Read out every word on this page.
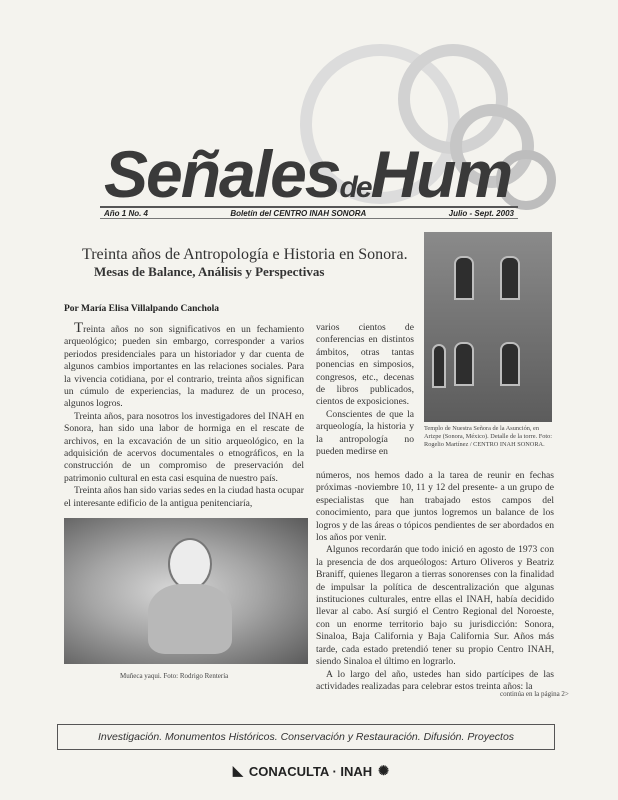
SeñalesdeHum
Año 1 No. 4	Boletín del CENTRO INAH SONORA	Julio - Sept. 2003
Treinta años de Antropología e Historia en Sonora.
Mesas de Balance, Análisis y Perspectivas
Por María Elisa Villalpando Canchola

Treinta años no son significativos en un fechamiento arqueológico; pueden sin embargo, corresponder a varios periodos presidenciales para un historiador y dar cuenta de algunos cambios importantes en las relaciones sociales. Para la vivencia cotidiana, por el contrario, treinta años significan un cúmulo de experiencias, la madurez de un proceso, algunos logros.

Treinta años, para nosotros los investigadores del INAH en Sonora, han sido una labor de hormiga en el rescate de archivos, en la excavación de un sitio arqueológico, en la adquisición de acervos documentales o etnográficos, en la construcción de un compromiso de preservación del patrimonio cultural en esta casi esquina de nuestro país.

Treinta años han sido varias sedes en la ciudad hasta ocupar el interesante edificio de la antigua penitenciaría,

varios cientos de conferencias en distintos ámbitos, otras tantas ponencias en simposios, congresos, etc., decenas de libros publicados, cientos de exposiciones.

Conscientes de que la arqueología, la historia y la antropología no pueden medirse en

Templo de Nuestra Señora de la Asunción, en Arizpe (Sonora, México). Detalle de la torre. Foto: Rogelio Martínez / CENTRO INAH SONORA.

números, nos hemos dado a la tarea de reunir en fechas próximas -noviembre 10, 11 y 12 del presente- a un grupo de especialistas que han trabajado estos campos del conocimiento, para que juntos logremos un balance de los logros y de las áreas o tópicos pendientes de ser abordados en los años por venir.

Algunos recordarán que todo inició en agosto de 1973 con la presencia de dos arqueólogos: Arturo Oliveros y Beatriz Braniff, quienes llegaron a tierras sonorenses con la finalidad de impulsar la política de descentralización que algunas instituciones culturales, entre ellas el INAH, había decidido llevar al cabo. Así surgió el Centro Regional del Noroeste, con un enorme territorio bajo su jurisdicción: Sonora, Sinaloa, Baja California y Baja California Sur. Años más tarde, cada estado pretendió tener su propio Centro INAH, siendo Sinaloa el último en lograrlo.

A lo largo del año, ustedes han sido partícipes de las actividades realizadas para celebrar estos treinta años: la

Muñeca yaqui. Foto: Rodrigo Rentería
continúa en la página 2>
Investigación. Monumentos Históricos. Conservación y Restauración. Difusión. Proyectos
◣ CONACULTA · INAH ✺
